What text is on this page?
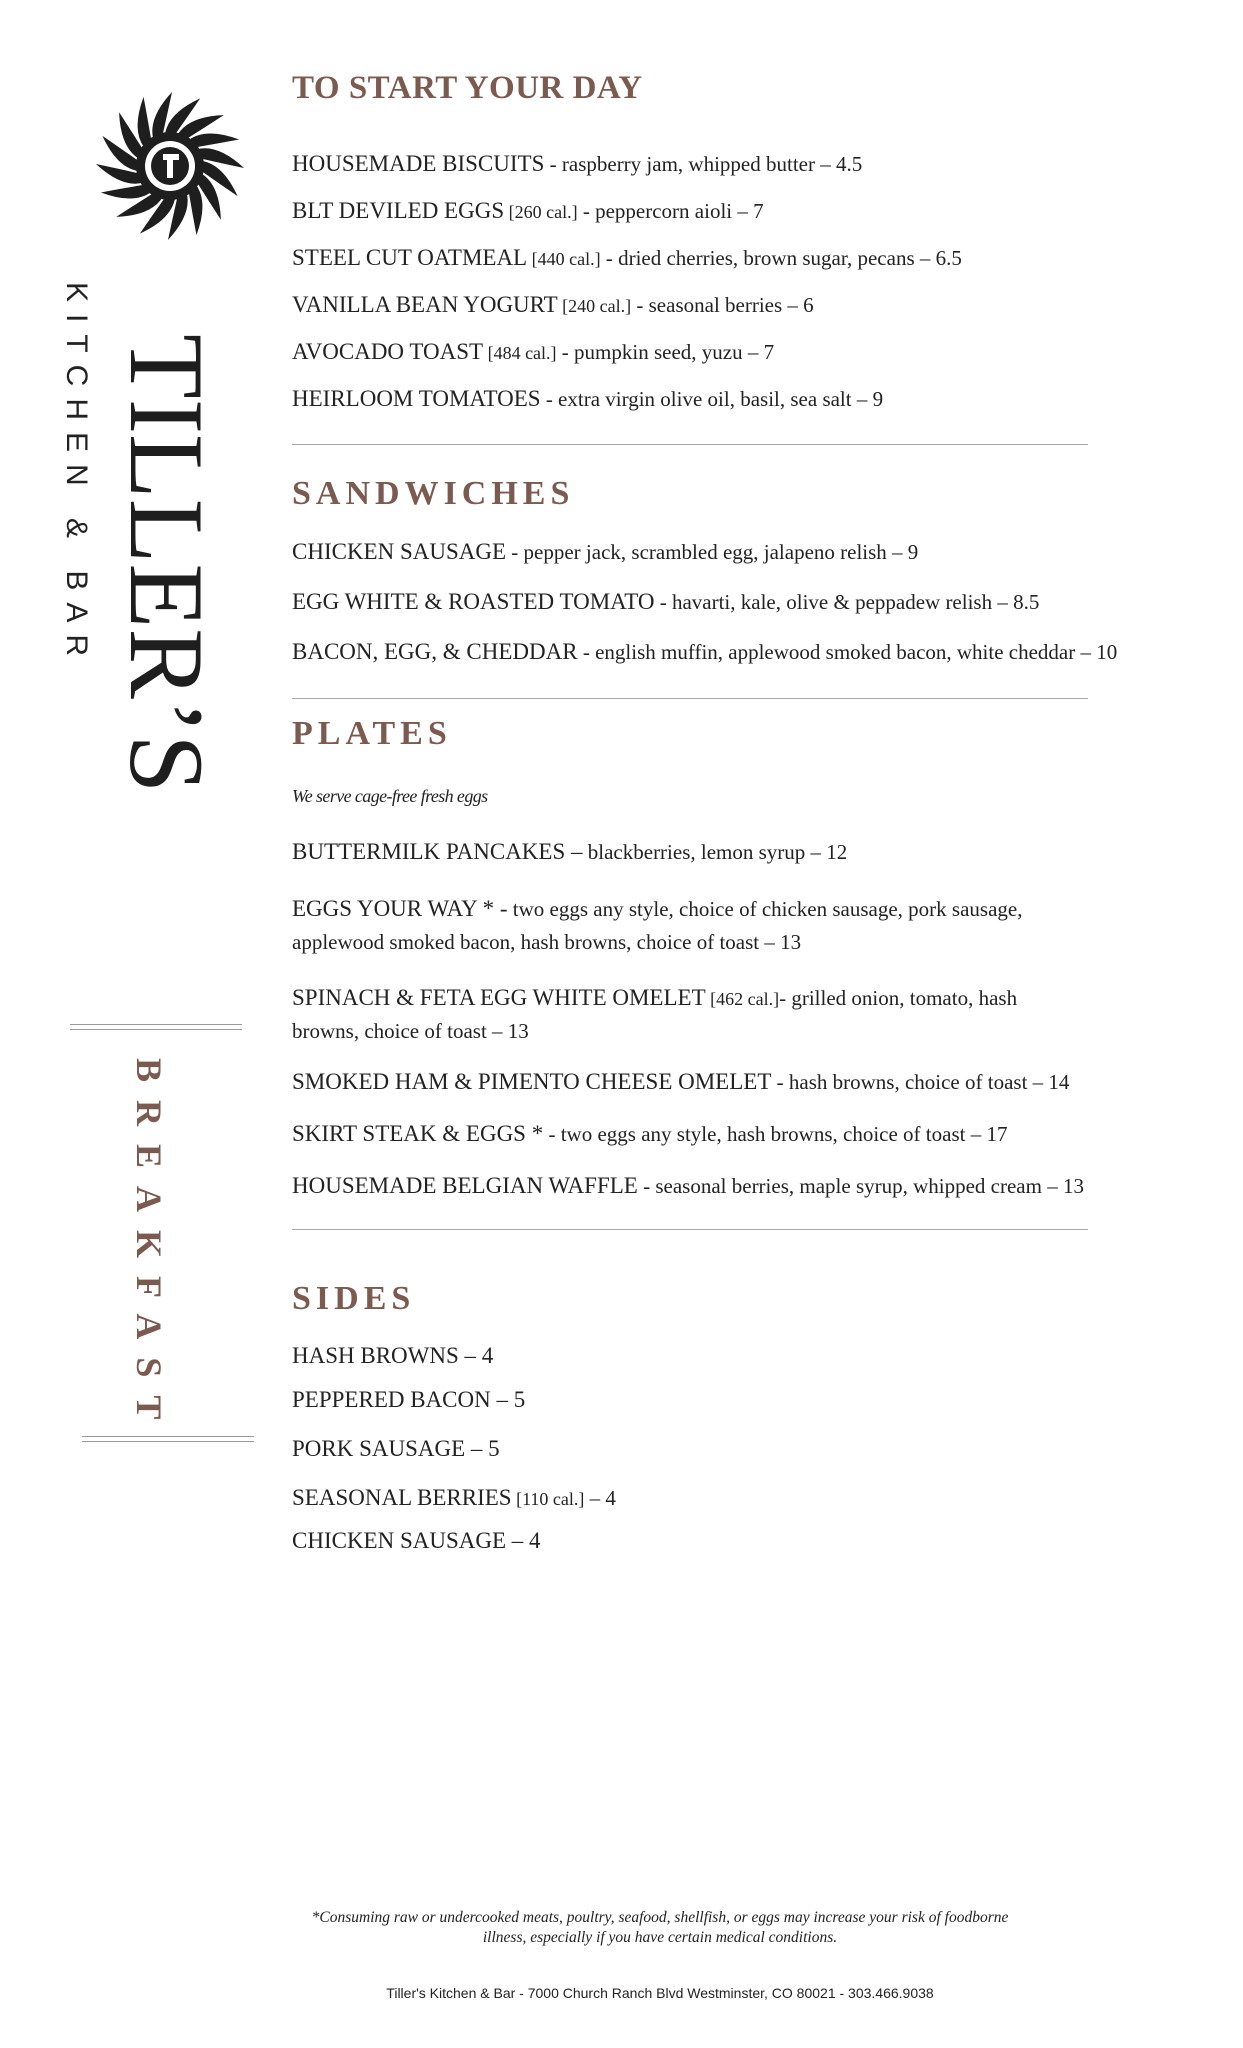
TILLER’S
KITCHEN & BAR
BREAKFAST
TO START YOUR DAY
HOUSEMADE BISCUITS - raspberry jam, whipped butter – 4.5
BLT DEVILED EGGS [260 cal.] - peppercorn aioli – 7
STEEL CUT OATMEAL [440 cal.] - dried cherries, brown sugar, pecans – 6.5
VANILLA BEAN YOGURT [240 cal.] - seasonal berries – 6
AVOCADO TOAST [484 cal.] - pumpkin seed, yuzu – 7
HEIRLOOM TOMATOES - extra virgin olive oil, basil, sea salt – 9
SANDWICHES
CHICKEN SAUSAGE - pepper jack, scrambled egg, jalapeno relish – 9
EGG WHITE & ROASTED TOMATO - havarti, kale, olive & peppadew relish – 8.5
BACON, EGG, & CHEDDAR - english muffin, applewood smoked bacon, white cheddar – 10
PLATES
We serve cage-free fresh eggs
BUTTERMILK PANCAKES – blackberries, lemon syrup – 12
EGGS YOUR WAY * - two eggs any style, choice of chicken sausage, pork sausage, applewood smoked bacon, hash browns, choice of toast – 13
SPINACH & FETA EGG WHITE OMELET [462 cal.]- grilled onion, tomato, hash browns, choice of toast – 13
SMOKED HAM & PIMENTO CHEESE OMELET - hash browns, choice of toast – 14
SKIRT STEAK & EGGS * - two eggs any style, hash browns, choice of toast – 17
HOUSEMADE BELGIAN WAFFLE - seasonal berries, maple syrup, whipped cream – 13
SIDES
HASH BROWNS – 4
PEPPERED BACON – 5
PORK SAUSAGE – 5
SEASONAL BERRIES [110 cal.] – 4
CHICKEN SAUSAGE – 4
*Consuming raw or undercooked meats, poultry, seafood, shellfish, or eggs may increase your risk of foodborne illness, especially if you have certain medical conditions.
Tiller's Kitchen & Bar - 7000 Church Ranch Blvd Westminster, CO 80021 - 303.466.9038
